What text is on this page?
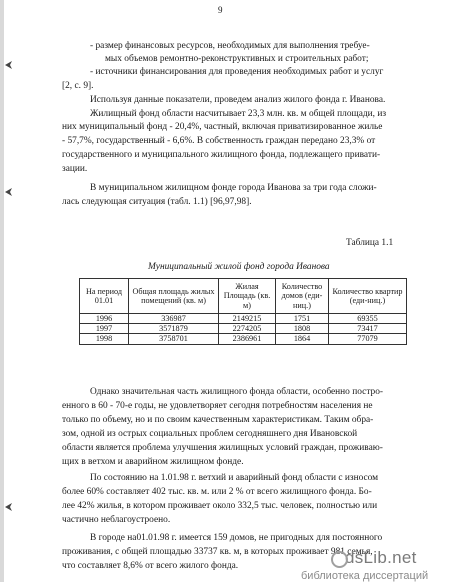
9
- размер финансовых ресурсов, необходимых для выполнения требуе-
мых объемов ремонтно-реконструктивных и строительных работ;
- источники финансирования для проведения необходимых работ и услуг
[2, с. 9].
Используя данные показатели, проведем анализ жилого фонда г. Иванова.
Жилищный фонд области насчитывает 23,3 млн. кв. м общей площади, из
них муниципальный фонд - 20,4%, частный, включая приватизированное жилье
- 57,7%, государственный - 6,6%. В собственность граждан передано 23,3% от
государственного и муниципального жилищного фонда, подлежащего привати-
зации.
В муниципальном жилищном фонде города Иванова за три года сложи-
лась следующая ситуация (табл. 1.1) [96,97,98].
Таблица 1.1
Муниципальный жилой фонд города Иванова
На период 01.01	Общая площадь жилых помещений (кв. м)	Жилая Площадь (кв. м)	Количество домов (еди-ниц.)	Количество квартир (еди-ниц.)
1996	336987	2149215	1751	69355
1997	3571879	2274205	1808	73417
1998	3758701	2386961	1864	77079
Однако значительная часть жилищного фонда области, особенно постро-
енного в 60 - 70-е годы, не удовлетворяет сегодня потребностям населения не
только по объему, но и по своим качественным характеристикам. Таким обра-
зом, одной из острых социальных проблем сегодняшнего дня Ивановской
области является проблема улучшения жилищных условий граждан, проживаю-
щих в ветхом и аварийном жилищном фонде.
По состоянию на 1.01.98 г. ветхий и аварийный фонд области с износом
более 60% составляет 402 тыс. кв. м. или 2 % от всего жилищного фонда. Бо-
лее 42% жилья, в котором проживает около 332,5 тыс. человек, полностью или
частично неблагоустроено.
В городе на01.01.98 г. имеется 159 домов, не пригодных для постоянного
проживания, с общей площадью 33737 кв. м, в которых проживает 981 семья,
что составляет 8,6% от всего жилого фонда.	dsLib.net
библиотека диссертаций
